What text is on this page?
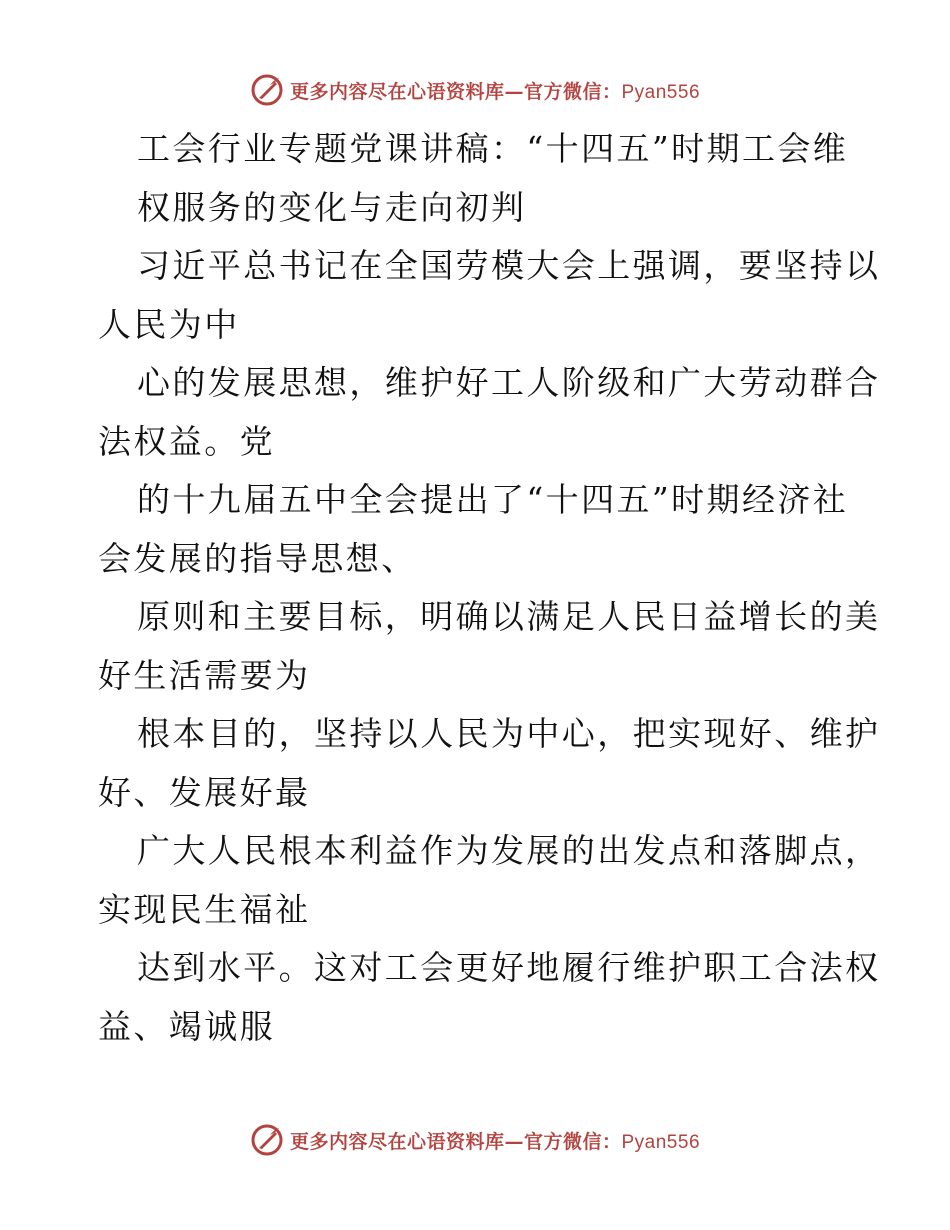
更多内容尽在心语资料库—官方微信：Pyan556
工会行业专题党课讲稿：“十四五”时期工会维
权服务的变化与走向初判
习近平总书记在全国劳模大会上强调，要坚持以
人民为中
心的发展思想，维护好工人阶级和广大劳动群合
法权益。党
的十九届五中全会提出了“十四五”时期经济社
会发展的指导思想、
原则和主要目标，明确以满足人民日益增长的美
好生活需要为
根本目的，坚持以人民为中心，把实现好、维护
好、发展好最
广大人民根本利益作为发展的出发点和落脚点，
实现民生福祉
达到水平。这对工会更好地履行维护职工合法权
益、竭诚服
更多内容尽在心语资料库—官方微信：Pyan556
